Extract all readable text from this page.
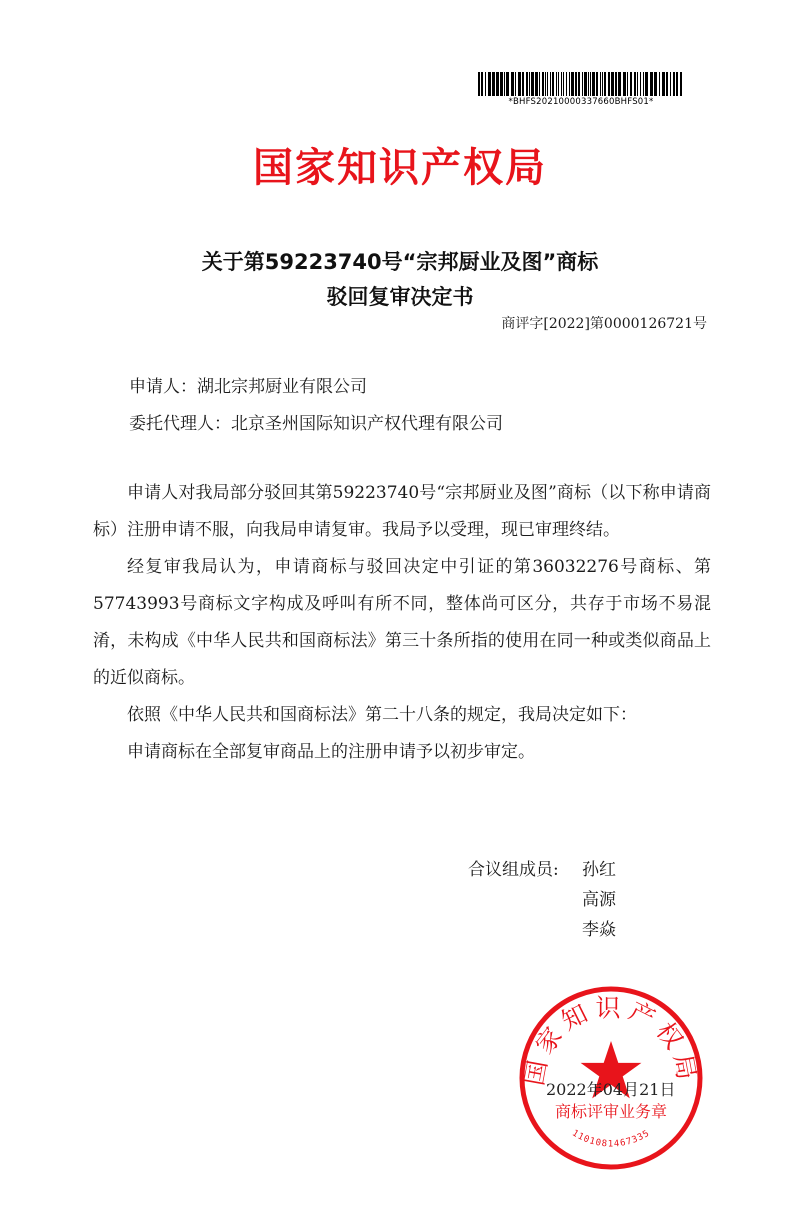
*BHFS20210000337660BHFS01*
国家知识产权局
关于第59223740号“宗邦厨业及图”商标
驳回复审决定书
商评字[2022]第0000126721号
申请人：湖北宗邦厨业有限公司
委托代理人：北京圣州国际知识产权代理有限公司

申请人对我局部分驳回其第59223740号“宗邦厨业及图”商标（以下称申请商标）注册申请不服，向我局申请复审。我局予以受理，现已审理终结。

经复审我局认为，申请商标与驳回决定中引证的第36032276号商标、第57743993号商标文字构成及呼叫有所不同，整体尚可区分，共存于市场不易混淆，未构成《中华人民共和国商标法》第三十条所指的使用在同一种或类似商品上的近似商标。

依照《中华人民共和国商标法》第二十八条的规定，我局决定如下：

申请商标在全部复审商品上的注册申请予以初步审定。

合议组成员: 孙红
高源
李焱
国家知识产权局
商标评审业务章
1101081467335
2022年04月21日
